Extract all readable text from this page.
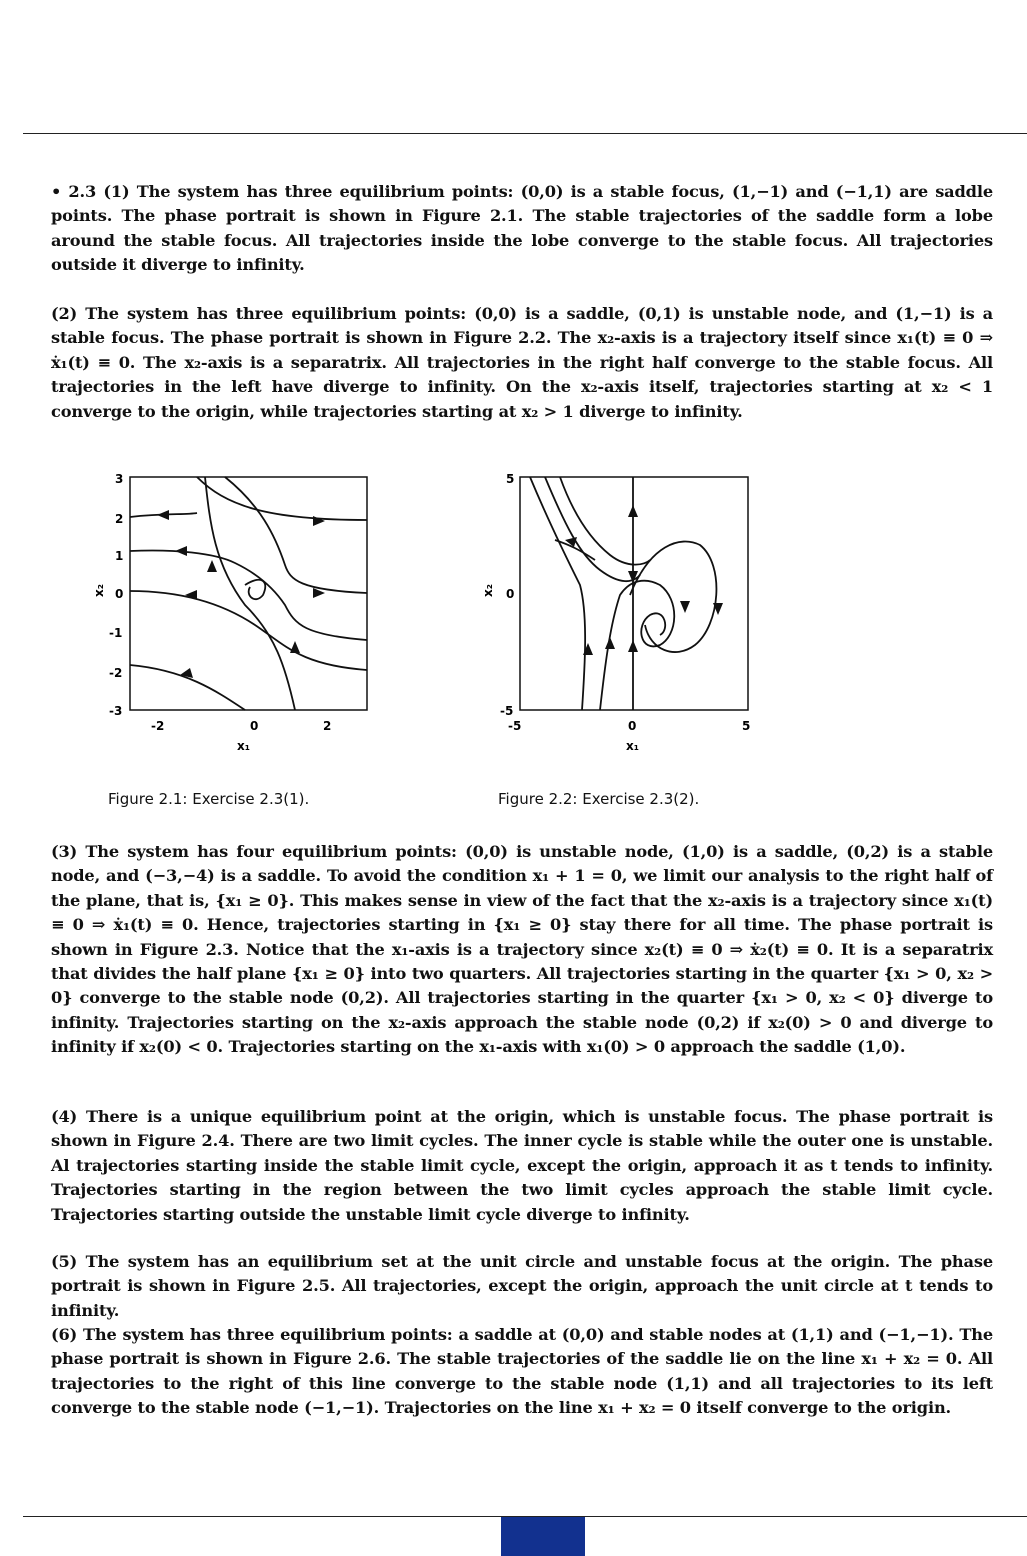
• 2.3 (1) The system has three equilibrium points: (0,0) is a stable focus, (1,−1) and (−1,1) are saddle points. The phase portrait is shown in Figure 2.1. The stable trajectories of the saddle form a lobe around the stable focus. All trajectories inside the lobe converge to the stable focus. All trajectories outside it diverge to infinity.

(2) The system has three equilibrium points: (0,0) is a saddle, (0,1) is unstable node, and (1,−1) is a stable focus. The phase portrait is shown in Figure 2.2. The x₂-axis is a trajectory itself since x₁(t) ≡ 0 ⇒ ẋ₁(t) ≡ 0. The x₂-axis is a separatrix. All trajectories in the right half converge to the stable focus. All trajectories in the left have diverge to infinity. On the x₂-axis itself, trajectories starting at x₂ < 1 converge to the origin, while trajectories starting at x₂ > 1 diverge to infinity.

3
2
1
0
-1
-2
-3
-2	0	2
x₁
x₂
Figure 2.1: Exercise 2.3(1).
5
0
-5
-5	0	5
x₁
x₂
Figure 2.2: Exercise 2.3(2).

(3) The system has four equilibrium points: (0,0) is unstable node, (1,0) is a saddle, (0,2) is a stable node, and (−3,−4) is a saddle. To avoid the condition x₁ + 1 = 0, we limit our analysis to the right half of the plane, that is, {x₁ ≥ 0}. This makes sense in view of the fact that the x₂-axis is a trajectory since x₁(t) ≡ 0 ⇒ ẋ₁(t) ≡ 0. Hence, trajectories starting in {x₁ ≥ 0} stay there for all time. The phase portrait is shown in Figure 2.3. Notice that the x₁-axis is a trajectory since x₂(t) ≡ 0 ⇒ ẋ₂(t) ≡ 0. It is a separatrix that divides the half plane {x₁ ≥ 0} into two quarters. All trajectories starting in the quarter {x₁ > 0, x₂ > 0} converge to the stable node (0,2). All trajectories starting in the quarter {x₁ > 0, x₂ < 0} diverge to infinity. Trajectories starting on the x₂-axis approach the stable node (0,2) if x₂(0) > 0 and diverge to infinity if x₂(0) < 0. Trajectories starting on the x₁-axis with x₁(0) > 0 approach the saddle (1,0).

(4) There is a unique equilibrium point at the origin, which is unstable focus. The phase portrait is shown in Figure 2.4. There are two limit cycles. The inner cycle is stable while the outer one is unstable. Al trajectories starting inside the stable limit cycle, except the origin, approach it as t tends to infinity. Trajectories starting in the region between the two limit cycles approach the stable limit cycle. Trajectories starting outside the unstable limit cycle diverge to infinity.

(5) The system has an equilibrium set at the unit circle and unstable focus at the origin. The phase portrait is shown in Figure 2.5. All trajectories, except the origin, approach the unit circle at t tends to infinity.

(6) The system has three equilibrium points: a saddle at (0,0) and stable nodes at (1,1) and (−1,−1). The phase portrait is shown in Figure 2.6. The stable trajectories of the saddle lie on the line x₁ + x₂ = 0. All trajectories to the right of this line converge to the stable node (1,1) and all trajectories to its left converge to the stable node (−1,−1). Trajectories on the line x₁ + x₂ = 0 itself converge to the origin.
